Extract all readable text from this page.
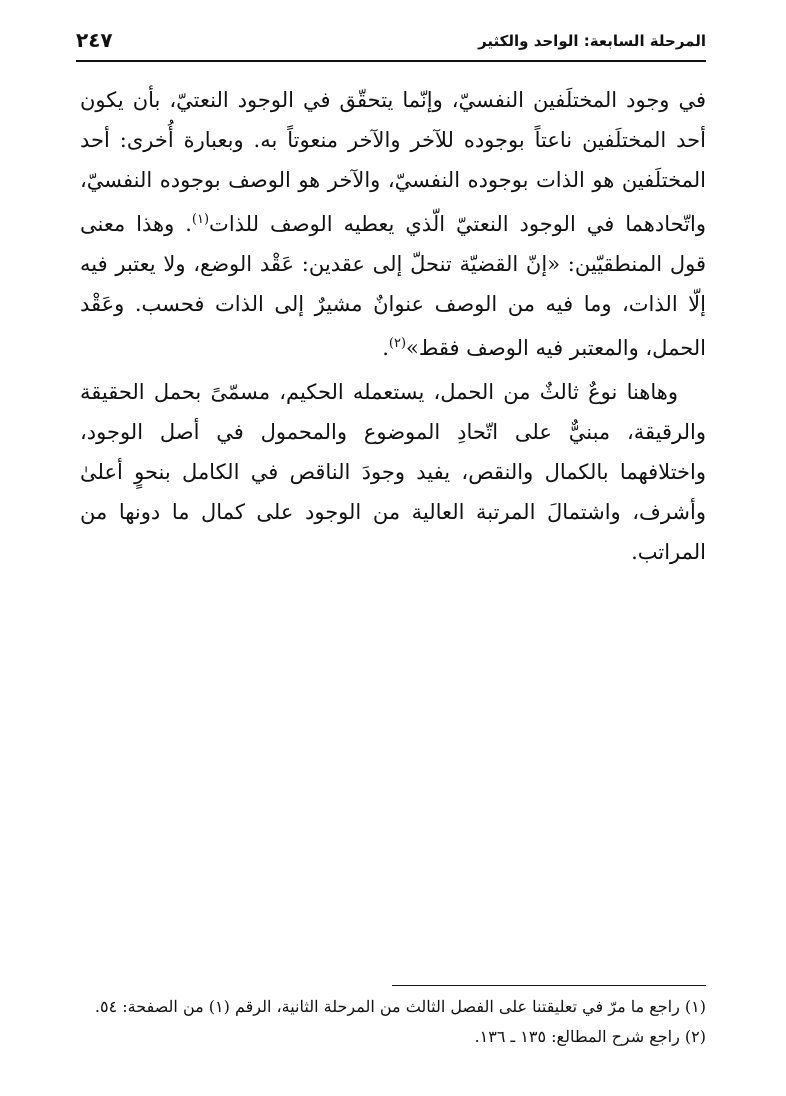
المرحلة السابعة: الواحد والكثير
٢٤٧

في وجود المختلَفين النفسيّ، وإنّما يتحقّق في الوجود النعتيّ، بأن يكون أحد المختلَفين ناعتاً بوجوده للآخر والآخر منعوتاً به. وبعبارة أُخرى: أحد المختلَفين هو الذات بوجوده النفسيّ، والآخر هو الوصف بوجوده النفسيّ، واتّحادهما في الوجود النعتيّ الّذي يعطيه الوصف للذات$^{(١)}$. وهذا معنى قول المنطقيّين: «إنّ القضيّة تنحلّ إلى عقدين: عَقْد الوضع، ولا يعتبر فيه إلّا الذات، وما فيه من الوصف عنوانٌ مشيرٌ إلى الذات فحسب. وعَقْد الحمل، والمعتبر فيه الوصف فقط»$^{(٢)}$.

وهاهنا نوعٌ ثالثٌ من الحمل، يستعمله الحكيم، مسمّىً بحمل الحقيقة والرقيقة، مبنيٌّ على اتّحادِ الموضوع والمحمول في أصل الوجود، واختلافهما بالكمال والنقص، يفيد وجودَ الناقص في الكامل بنحوٍ أعلىٰ وأشرف، واشتمالَ المرتبة العالية من الوجود على كمال ما دونها من المراتب.

(١) راجع ما مرّ في تعليقتنا على الفصل الثالث من المرحلة الثانية، الرقم (١) من الصفحة: ٥٤.
(٢) راجع شرح المطالع: ١٣٥ ـ ١٣٦.
